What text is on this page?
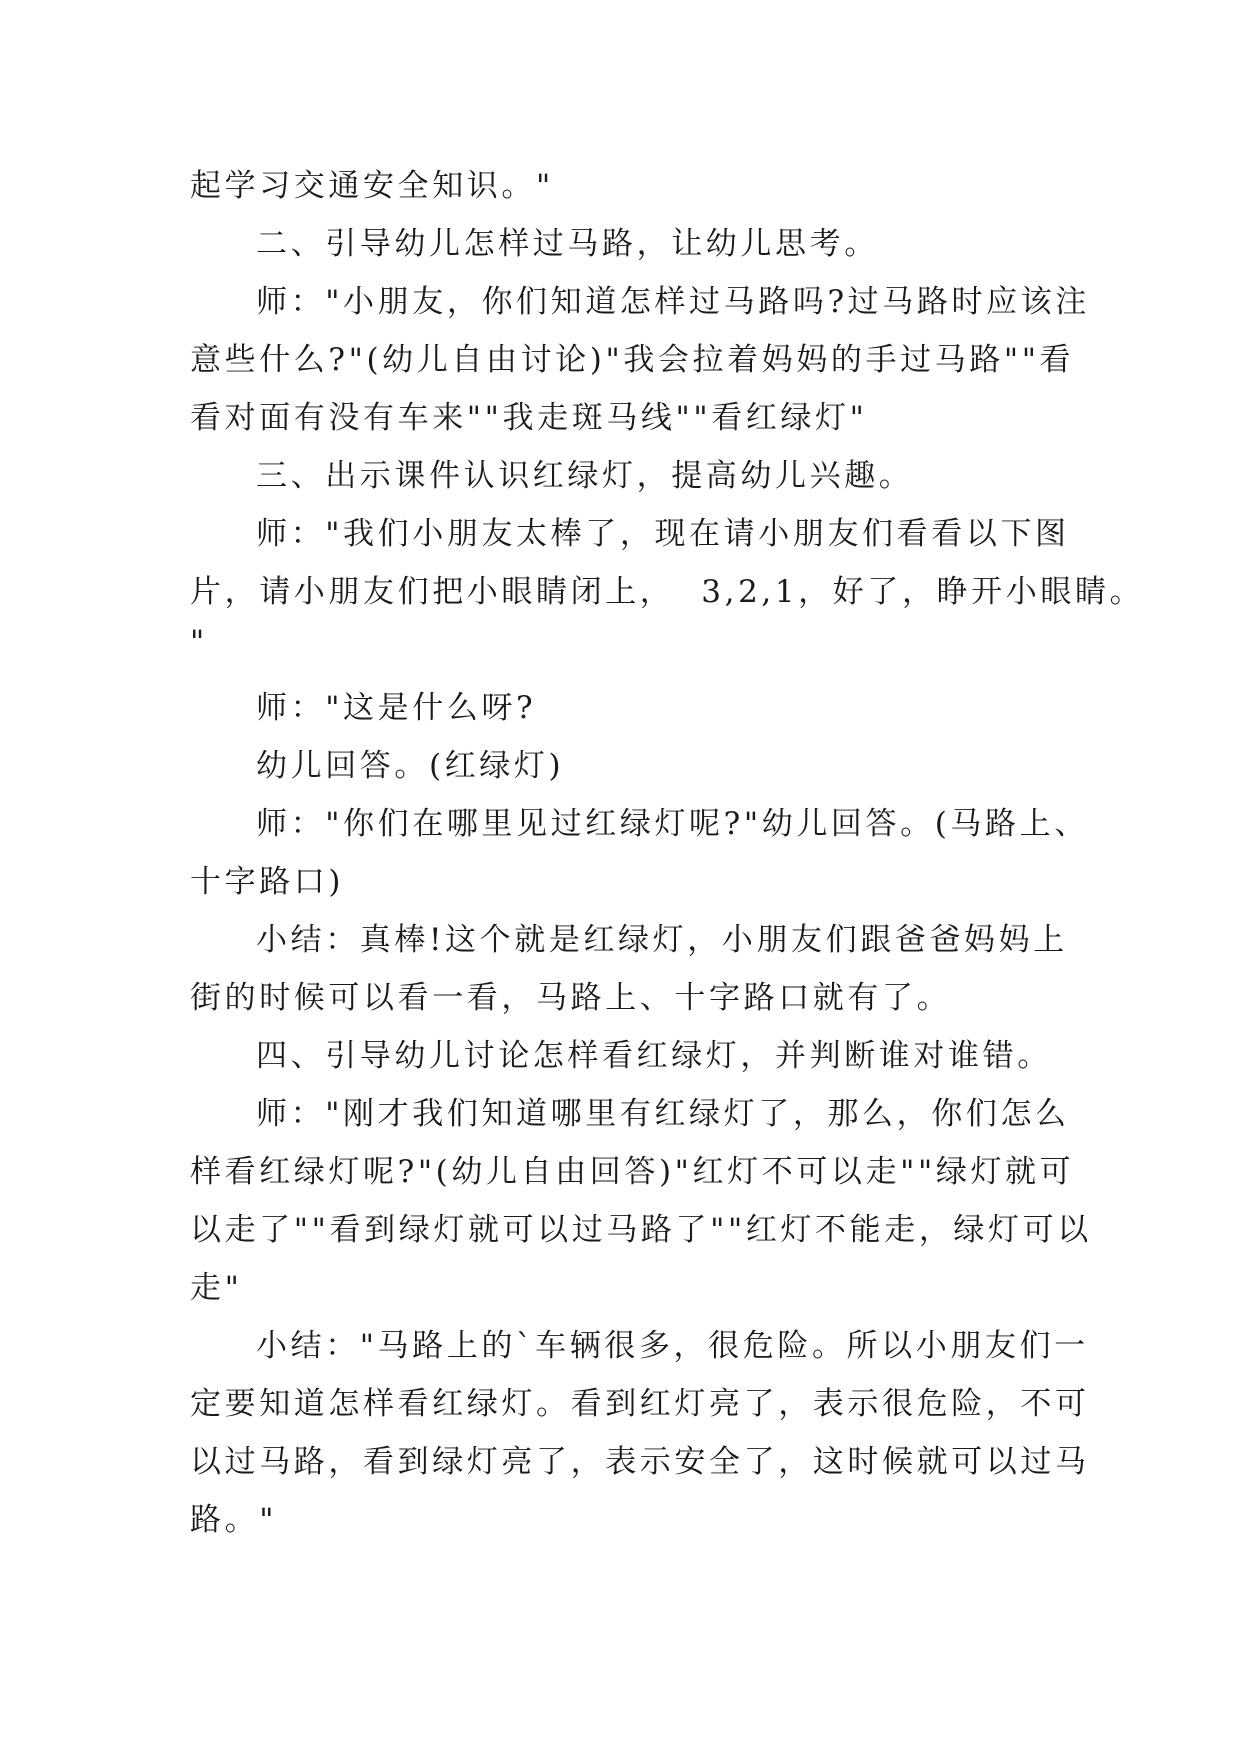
起学习交通安全知识。"

二、引导幼儿怎样过马路，让幼儿思考。

师："小朋友，你们知道怎样过马路吗?过马路时应该注

意些什么?"(幼儿自由讨论)"我会拉着妈妈的手过马路""看

看对面有没有车来""我走斑马线""看红绿灯"

三、出示课件认识红绿灯，提高幼儿兴趣。

师："我们小朋友太棒了，现在请小朋友们看看以下图

片，请小朋友们把小眼睛闭上，  3,2,1，好了，睁开小眼睛。

"

师："这是什么呀?

幼儿回答。(红绿灯)

师："你们在哪里见过红绿灯呢?"幼儿回答。(马路上、

十字路口)

小结：真棒!这个就是红绿灯，小朋友们跟爸爸妈妈上

街的时候可以看一看，马路上、十字路口就有了。

四、引导幼儿讨论怎样看红绿灯，并判断谁对谁错。

师："刚才我们知道哪里有红绿灯了，那么，你们怎么

样看红绿灯呢?"(幼儿自由回答)"红灯不可以走""绿灯就可

以走了""看到绿灯就可以过马路了""红灯不能走，绿灯可以

走"

小结："马路上的`车辆很多，很危险。所以小朋友们一

定要知道怎样看红绿灯。看到红灯亮了，表示很危险，不可

以过马路，看到绿灯亮了，表示安全了，这时候就可以过马

路。"
